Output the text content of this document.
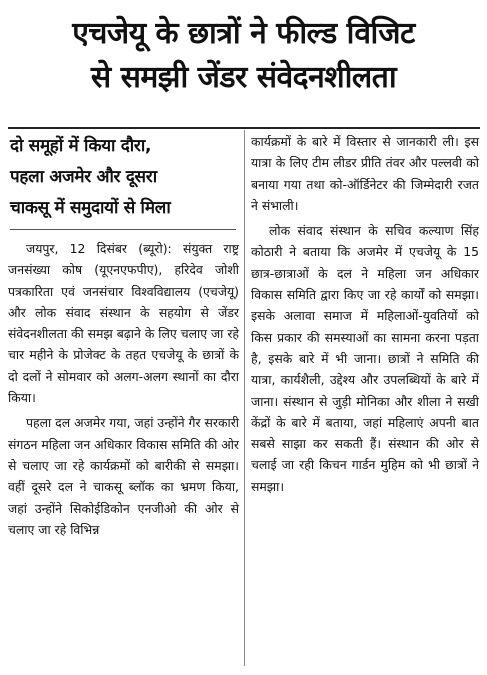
एचजेयू के छात्रों ने फील्ड विजिट
से समझी जेंडर संवेदनशीलता
दो समूहों में किया दौरा,
पहला अजमेर और दूसरा
चाकसू में समुदायों से मिला

जयपुर, 12 दिसंबर (ब्यूरो): संयुक्त राष्ट्र जनसंख्या कोष (यूएनएफपीए), हरिदेव जोशी पत्रकारिता एवं जनसंचार विश्वविद्यालय (एचजेयू) और लोक संवाद संस्थान के सहयोग से जेंडर संवेदनशीलता की समझ बढ़ाने के लिए चलाए जा रहे चार महीने के प्रोजेक्ट के तहत एचजेयू के छात्रों के दो दलों ने सोमवार को अलग-अलग स्थानों का दौरा किया।

पहला दल अजमेर गया, जहां उन्होंने गैर सरकारी संगठन महिला जन अधिकार विकास समिति की ओर से चलाए जा रहे कार्यक्रमों को बारीकी से समझा। वहीं दूसरे दल ने चाकसू ब्लॉक का भ्रमण किया, जहां उन्होंने सिकोईडिकोन एनजीओ की ओर से चलाए जा रहे विभिन्न

कार्यक्रमों के बारे में विस्तार से जानकारी ली। इस यात्रा के लिए टीम लीडर प्रीति तंवर और पल्लवी को बनाया गया तथा को-ऑर्डिनेटर की जिम्मेदारी रजत ने संभाली।

लोक संवाद संस्थान के सचिव कल्याण सिंह कोठारी ने बताया कि अजमेर में एचजेयू के 15 छात्र-छात्राओं के दल ने महिला जन अधिकार विकास समिति द्वारा किए जा रहे कार्यों को समझा। इसके अलावा समाज में महिलाओं-युवतियों को किस प्रकार की समस्याओं का सामना करना पड़ता है, इसके बारे में भी जाना। छात्रों ने समिति की यात्रा, कार्यशैली, उद्देश्य और उपलब्धियों के बारे में जाना। संस्थान से जुड़ी मोनिका और शीला ने सखी केंद्रों के बारे में बताया, जहां महिलाएं अपनी बात सबसे साझा कर सकती हैं। संस्थान की ओर से चलाई जा रही किचन गार्डन मुहिम को भी छात्रों ने समझा।
